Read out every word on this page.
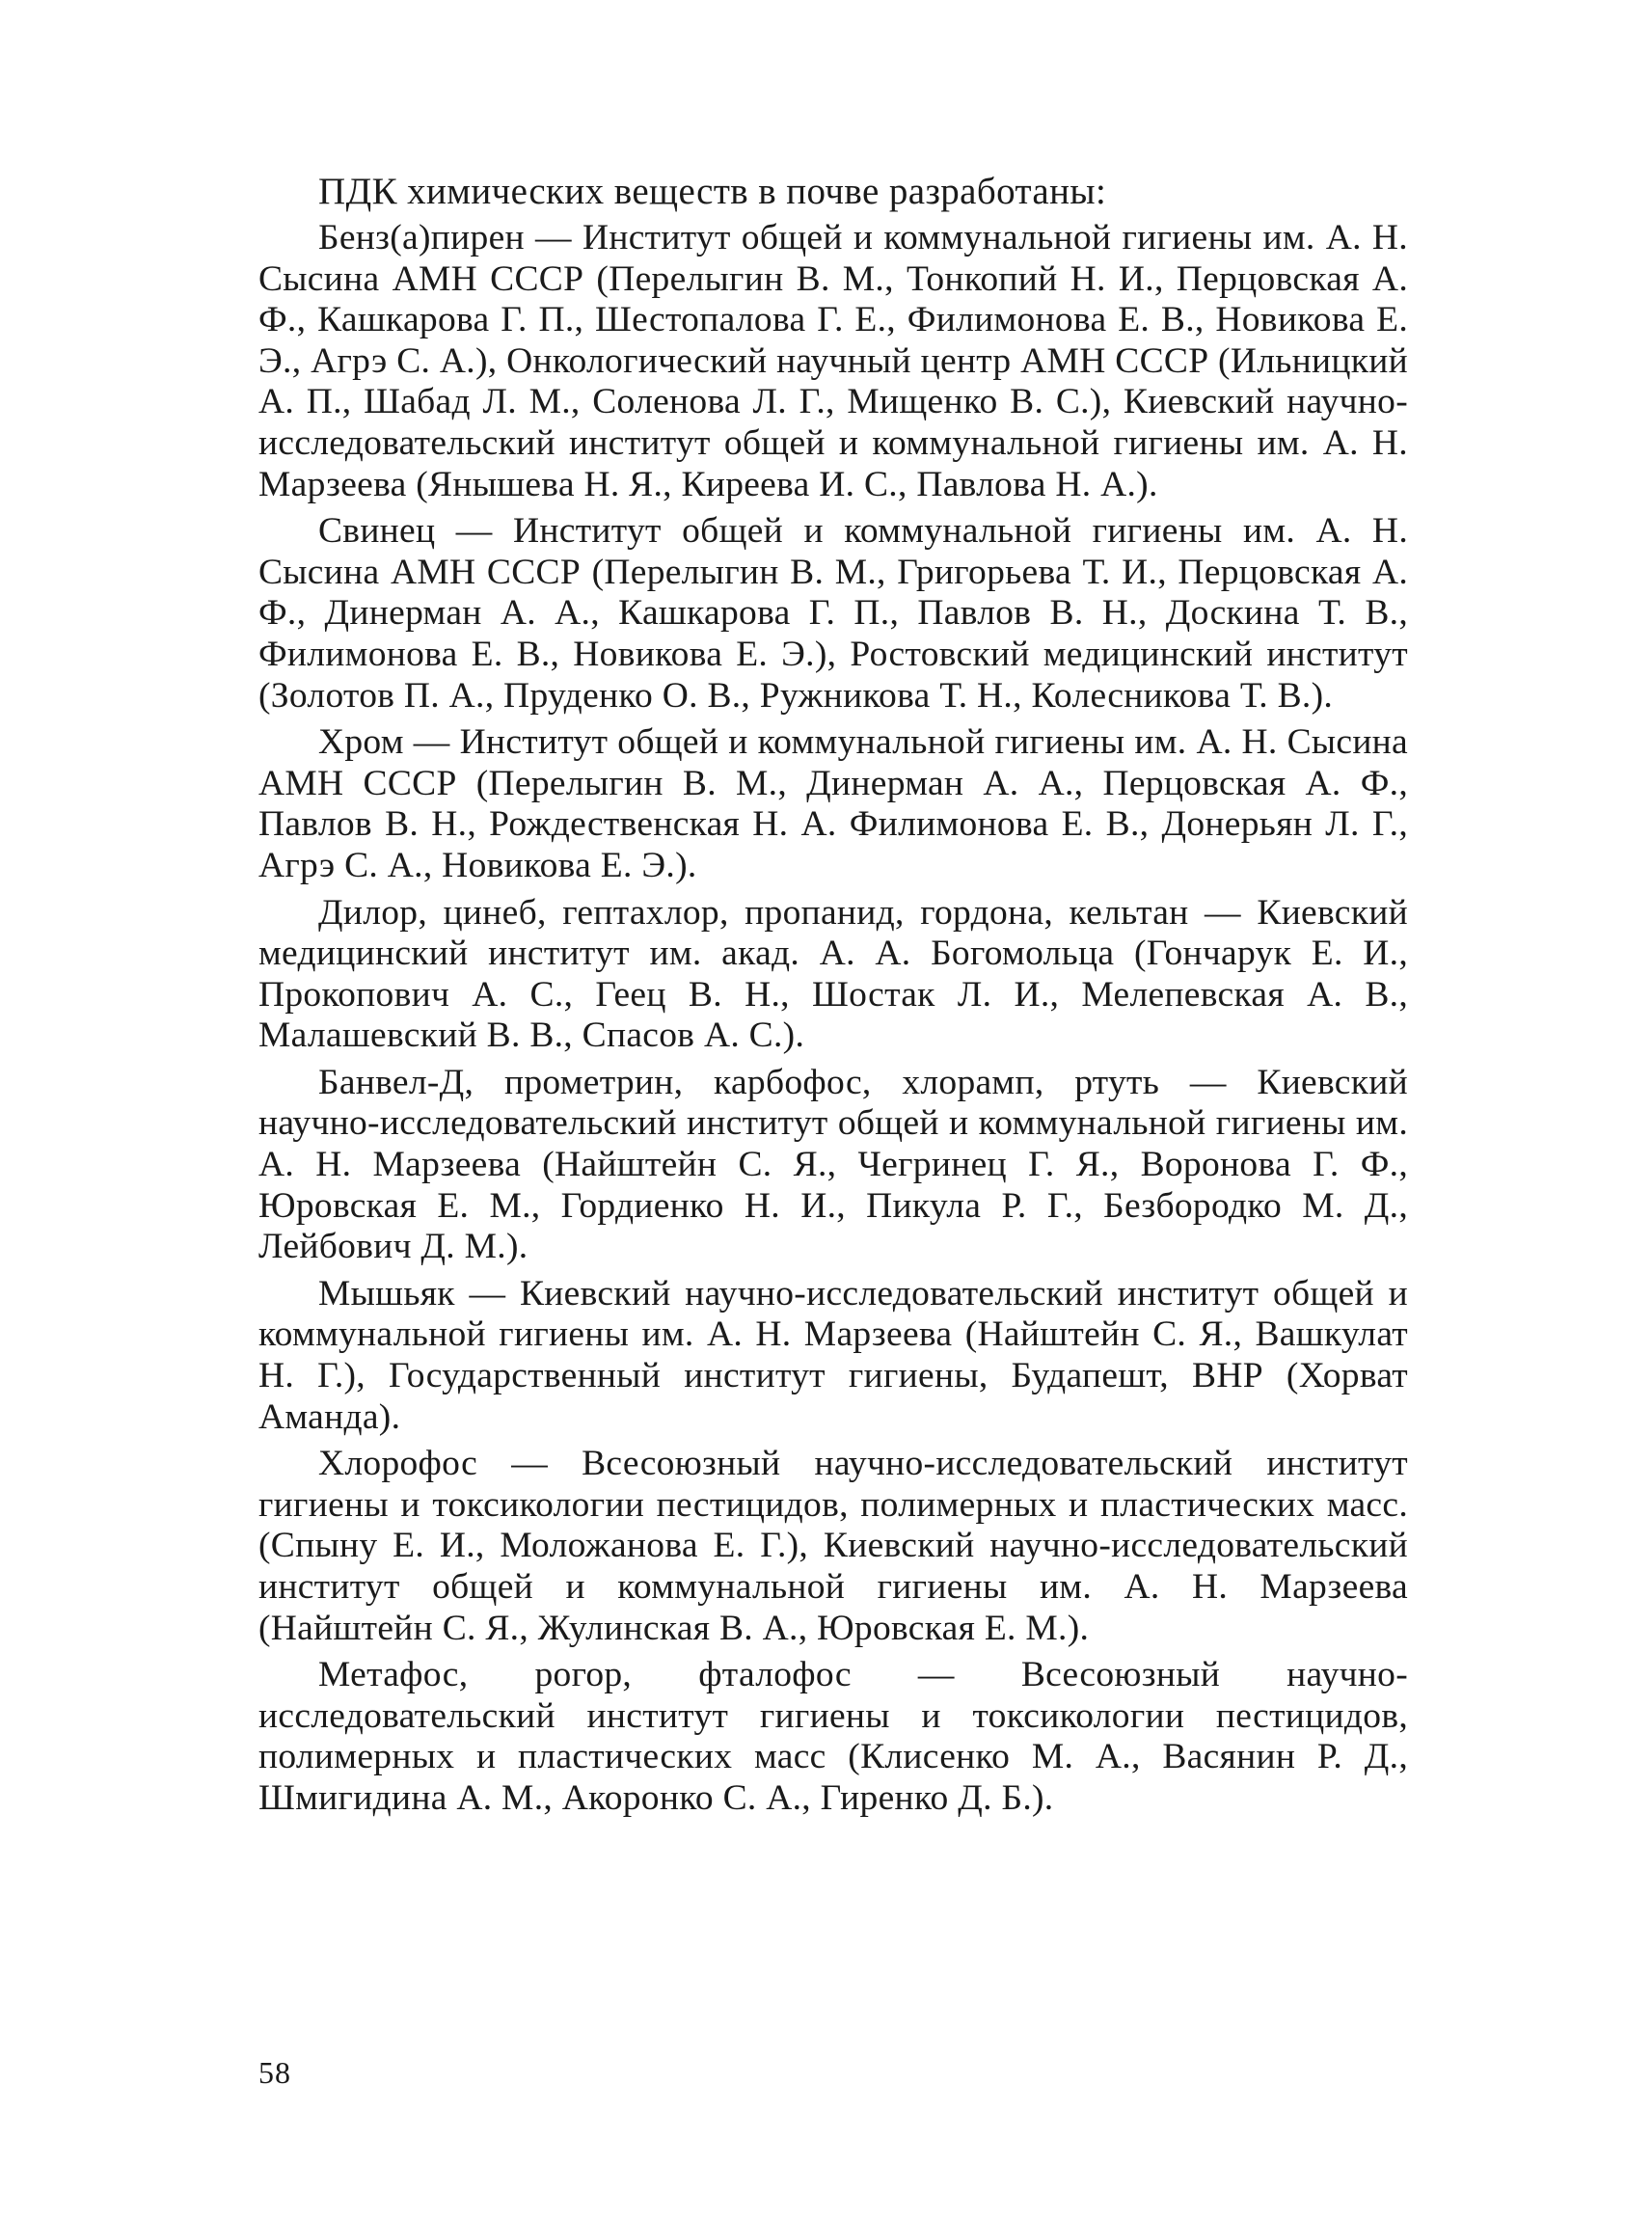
ПДК химических веществ в почве разработаны:

Бенз(а)пирен — Институт общей и коммунальной гигиены им. А. Н. Сысина АМН СССР (Перелыгин В. М., Тонкопий Н. И., Перцовская А. Ф., Кашкарова Г. П., Шестопалова Г. Е., Филимонова Е. В., Новикова Е. Э., Агрэ С. А.), Онкологический научный центр АМН СССР (Ильницкий А. П., Шабад Л. М., Соленова Л. Г., Мищенко В. С.), Киевский научно-исследовательский институт общей и коммунальной гигиены им. А. Н. Марзеева (Янышева Н. Я., Киреева И. С., Павлова Н. А.).

Свинец — Институт общей и коммунальной гигиены им. А. Н. Сысина АМН СССР (Перелыгин В. М., Григорьева Т. И., Перцовская А. Ф., Динерман А. А., Кашкарова Г. П., Павлов В. Н., Доскина Т. В., Филимонова Е. В., Новикова Е. Э.), Ростовский медицинский институт (Золотов П. А., Пруденко О. В., Ружникова Т. Н., Колесникова Т. В.).

Хром — Институт общей и коммунальной гигиены им. А. Н. Сысина АМН СССР (Перелыгин В. М., Динерман А. А., Перцовская А. Ф., Павлов В. Н., Рождественская Н. А. Филимонова Е. В., Донерьян Л. Г., Агрэ С. А., Новикова Е. Э.).

Дилор, цинеб, гептахлор, пропанид, гордона, кельтан — Киевский медицинский институт им. акад. А. А. Богомольца (Гончарук Е. И., Прокопович А. С., Геец В. Н., Шостак Л. И., Мелепевская А. В., Малашевский В. В., Спасов А. С.).

Банвел-Д, прометрин, карбофос, хлорамп, ртуть — Киевский научно-исследовательский институт общей и коммунальной гигиены им. А. Н. Марзеева (Найштейн С. Я., Чегринец Г. Я., Воронова Г. Ф., Юровская Е. М., Гордиенко Н. И., Пикула Р. Г., Безбородко М. Д., Лейбович Д. М.).

Мышьяк — Киевский научно-исследовательский институт общей и коммунальной гигиены им. А. Н. Марзеева (Найштейн С. Я., Вашкулат Н. Г.), Государственный институт гигиены, Будапешт, ВНР (Хорват Аманда).

Хлорофос — Всесоюзный научно-исследовательский институт гигиены и токсикологии пестицидов, полимерных и пластических масс. (Спыну Е. И., Моложанова Е. Г.), Киевский научно-исследовательский институт общей и коммунальной гигиены им. А. Н. Марзеева (Найштейн С. Я., Жулинская В. А., Юровская Е. М.).

Метафос, рогор, фталофос — Всесоюзный научно-исследовательский институт гигиены и токсикологии пестицидов, полимерных и пластических масс (Клисенко М. А., Васянин Р. Д., Шмигидина А. М., Акоронко С. А., Гиренко Д. Б.).

58
